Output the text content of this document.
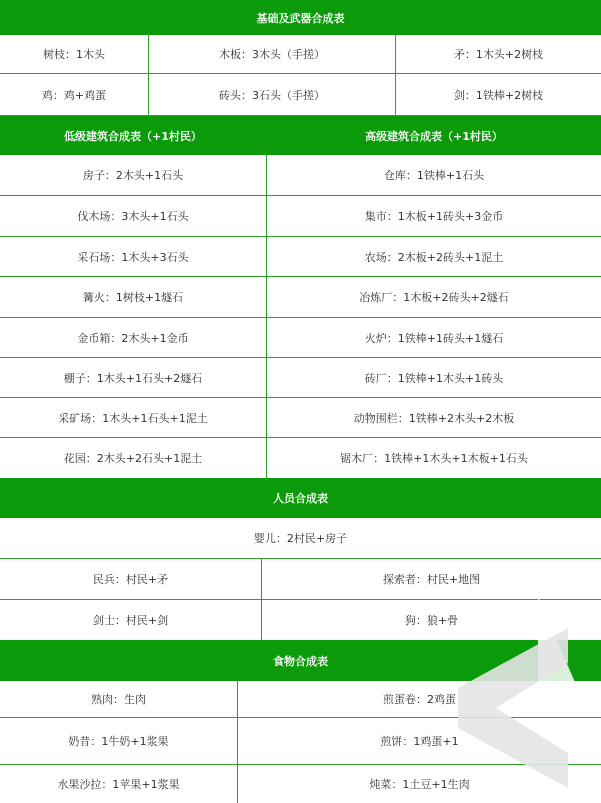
基础及武器合成表
树枝：1木头	木板：3木头（手搓）	矛：1木头+2树枝
鸡：鸡+鸡蛋	砖头：3石头（手搓）	剑：1铁棒+2树枝
低级建筑合成表（+1村民）	高级建筑合成表（+1村民）
房子：2木头+1石头	仓库：1铁棒+1石头
伐木场：3木头+1石头	集市：1木板+1砖头+3金币
采石场：1木头+3石头	农场：2木板+2砖头+1泥土
篝火：1树枝+1燧石	冶炼厂：1木板+2砖头+2燧石
金币箱：2木头+1金币	火炉：1铁棒+1砖头+1燧石
棚子：1木头+1石头+2燧石	砖厂：1铁棒+1木头+1砖头
采矿场：1木头+1石头+1泥土	动物围栏：1铁棒+2木头+2木板
花园：2木头+2石头+1泥土	锯木厂：1铁棒+1木头+1木板+1石头
人员合成表
婴儿：2村民+房子
民兵：村民+矛	探索者：村民+地图
剑士：村民+剑	狗：狼+骨
食物合成表
熟肉：生肉	煎蛋卷：2鸡蛋
奶昔：1牛奶+1浆果	煎饼：1鸡蛋+1
水果沙拉：1苹果+1浆果	炖菜：1土豆+1生肉
